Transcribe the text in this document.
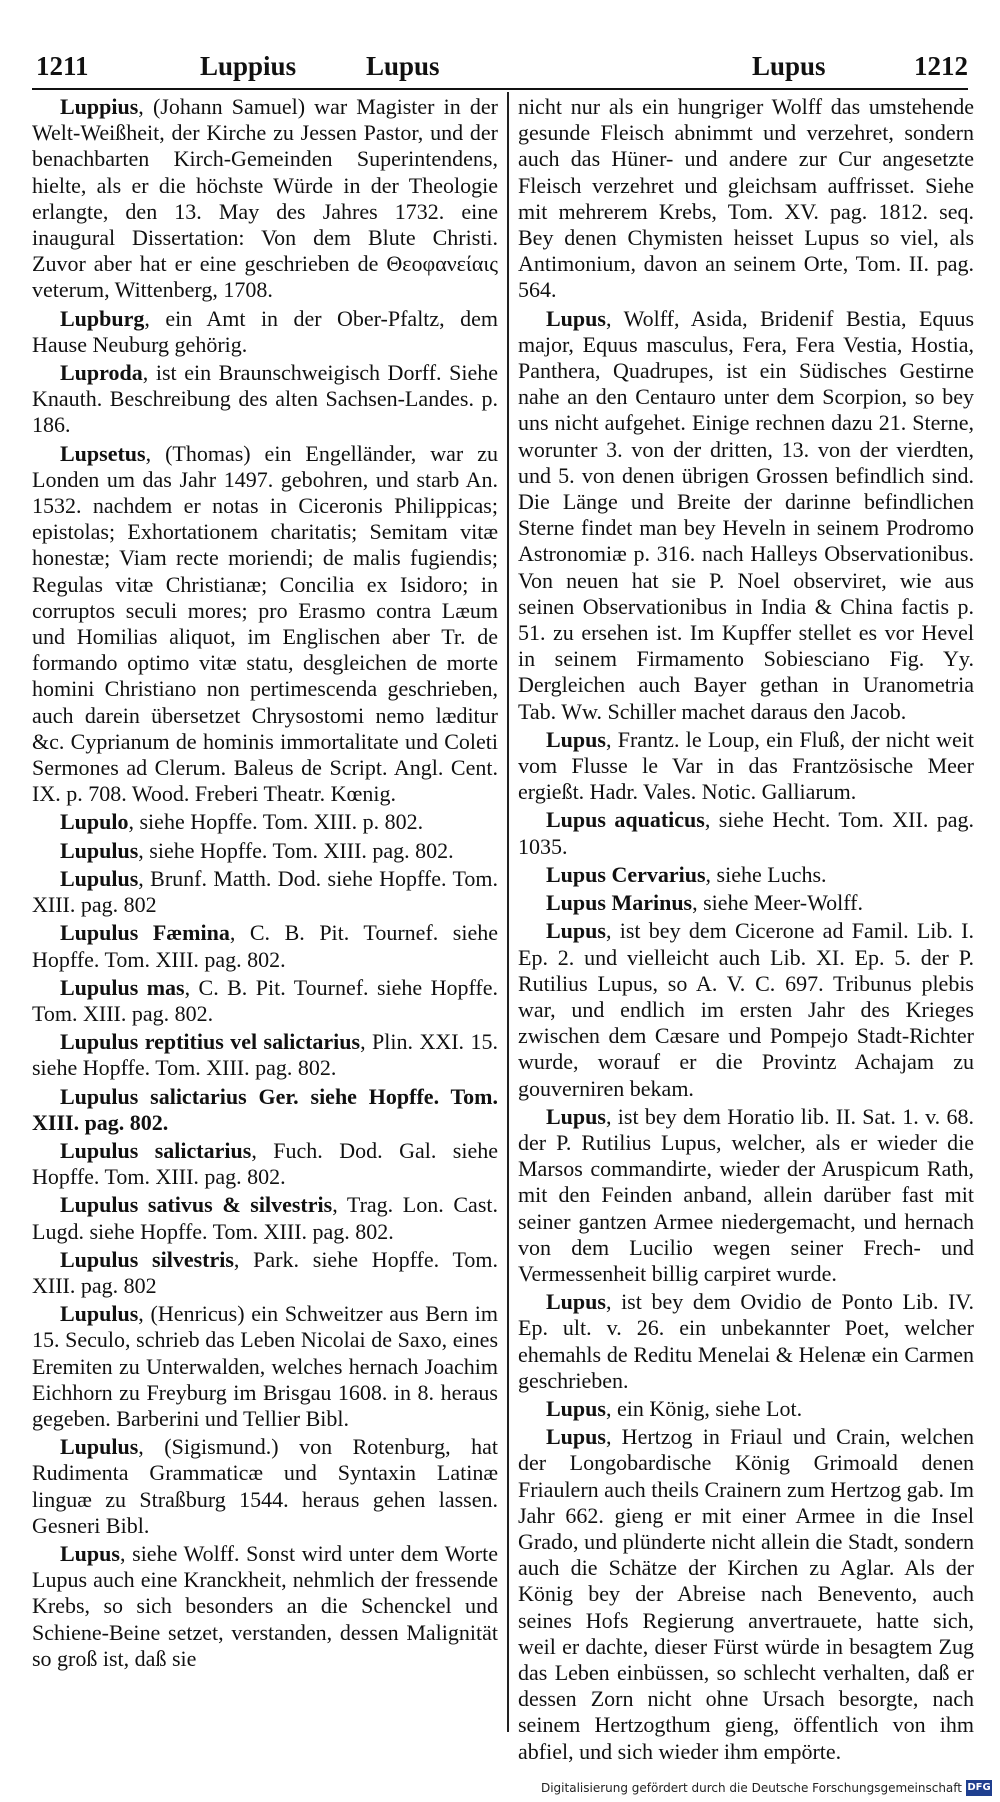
1211	Luppius	Lupus	Lupus	1212

Luppius, (Johann Samuel) war Magister in der Welt-Weißheit, der Kirche zu Jessen Pastor, und der benachbarten Kirch-Gemeinden Superintendens, hielte, als er die höchste Würde in der Theologie erlangte, den 13. May des Jahres 1732. eine inaugural Dissertation: Von dem Blute Christi. Zuvor aber hat er eine geschrieben de Θεοφανείαις veterum, Wittenberg, 1708.

Lupburg, ein Amt in der Ober-Pfaltz, dem Hause Neuburg gehörig.

Luproda, ist ein Braunschweigisch Dorff. Siehe Knauth. Beschreibung des alten Sachsen-Landes. p. 186.

Lupsetus, (Thomas) ein Engelländer, war zu Londen um das Jahr 1497. gebohren, und starb An. 1532. nachdem er notas in Ciceronis Philippicas; epistolas; Exhortationem charitatis; Semitam vitæ honestæ; Viam recte moriendi; de malis fugiendis; Regulas vitæ Christianæ; Concilia ex Isidoro; in corruptos seculi mores; pro Erasmo contra Læum und Homilias aliquot, im Englischen aber Tr. de formando optimo vitæ statu, desgleichen de morte homini Christiano non pertimescenda geschrieben, auch darein übersetzet Chrysostomi nemo læditur &c. Cyprianum de hominis immortalitate und Coleti Sermones ad Clerum. Baleus de Script. Angl. Cent. IX. p. 708. Wood. Freberi Theatr. Kœnig.

Lupulo, siehe Hopffe. Tom. XIII. p. 802.

Lupulus, siehe Hopffe. Tom. XIII. pag. 802.

Lupulus, Brunf. Matth. Dod. siehe Hopffe. Tom. XIII. pag. 802

Lupulus Fæmina, C. B. Pit. Tournef. siehe Hopffe. Tom. XIII. pag. 802.

Lupulus mas, C. B. Pit. Tournef. siehe Hopffe. Tom. XIII. pag. 802.

Lupulus reptitius vel salictarius, Plin. XXI. 15. siehe Hopffe. Tom. XIII. pag. 802.

Lupulus salictarius Ger. siehe Hopffe. Tom. XIII. pag. 802.

Lupulus salictarius, Fuch. Dod. Gal. siehe Hopffe. Tom. XIII. pag. 802.

Lupulus sativus & silvestris, Trag. Lon. Cast. Lugd. siehe Hopffe. Tom. XIII. pag. 802.

Lupulus silvestris, Park. siehe Hopffe. Tom. XIII. pag. 802

Lupulus, (Henricus) ein Schweitzer aus Bern im 15. Seculo, schrieb das Leben Nicolai de Saxo, eines Eremiten zu Unterwalden, welches hernach Joachim Eichhorn zu Freyburg im Brisgau 1608. in 8. heraus gegeben. Barberini und Tellier Bibl.

Lupulus, (Sigismund.) von Rotenburg, hat Rudimenta Grammaticæ und Syntaxin Latinæ linguæ zu Straßburg 1544. heraus gehen lassen. Gesneri Bibl.

Lupus, siehe Wolff. Sonst wird unter dem Worte Lupus auch eine Kranckheit, nehmlich der fressende Krebs, so sich besonders an die Schenckel und Schiene-Beine setzet, verstanden, dessen Malignität so groß ist, daß sie

nicht nur als ein hungriger Wolff das umstehende gesunde Fleisch abnimmt und verzehret, sondern auch das Hüner- und andere zur Cur angesetzte Fleisch verzehret und gleichsam auffrisset. Siehe mit mehrerem Krebs, Tom. XV. pag. 1812. seq. Bey denen Chymisten heisset Lupus so viel, als Antimonium, davon an seinem Orte, Tom. II. pag. 564.

Lupus, Wolff, Asida, Bridenif Bestia, Equus major, Equus masculus, Fera, Fera Vestia, Hostia, Panthera, Quadrupes, ist ein Südisches Gestirne nahe an den Centauro unter dem Scorpion, so bey uns nicht aufgehet. Einige rechnen dazu 21. Sterne, worunter 3. von der dritten, 13. von der vierdten, und 5. von denen übrigen Grossen befindlich sind. Die Länge und Breite der darinne befindlichen Sterne findet man bey Heveln in seinem Prodromo Astronomiæ p. 316. nach Halleys Observationibus. Von neuen hat sie P. Noel observiret, wie aus seinen Observationibus in India & China factis p. 51. zu ersehen ist. Im Kupffer stellet es vor Hevel in seinem Firmamento Sobiesciano Fig. Yy. Dergleichen auch Bayer gethan in Uranometria Tab. Ww. Schiller machet daraus den Jacob.

Lupus, Frantz. le Loup, ein Fluß, der nicht weit vom Flusse le Var in das Frantzösische Meer ergießt. Hadr. Vales. Notic. Galliarum.

Lupus aquaticus, siehe Hecht. Tom. XII. pag. 1035.

Lupus Cervarius, siehe Luchs.

Lupus Marinus, siehe Meer-Wolff.

Lupus, ist bey dem Cicerone ad Famil. Lib. I. Ep. 2. und vielleicht auch Lib. XI. Ep. 5. der P. Rutilius Lupus, so A. V. C. 697. Tribunus plebis war, und endlich im ersten Jahr des Krieges zwischen dem Cæsare und Pompejo Stadt-Richter wurde, worauf er die Provintz Achajam zu gouverniren bekam.

Lupus, ist bey dem Horatio lib. II. Sat. 1. v. 68. der P. Rutilius Lupus, welcher, als er wieder die Marsos commandirte, wieder der Aruspicum Rath, mit den Feinden anband, allein darüber fast mit seiner gantzen Armee niedergemacht, und hernach von dem Lucilio wegen seiner Frech- und Vermessenheit billig carpiret wurde.

Lupus, ist bey dem Ovidio de Ponto Lib. IV. Ep. ult. v. 26. ein unbekannter Poet, welcher ehemahls de Reditu Menelai & Helenæ ein Carmen geschrieben.

Lupus, ein König, siehe Lot.

Lupus, Hertzog in Friaul und Crain, welchen der Longobardische König Grimoald denen Friaulern auch theils Crainern zum Hertzog gab. Im Jahr 662. gieng er mit einer Armee in die Insel Grado, und plünderte nicht allein die Stadt, sondern auch die Schätze der Kirchen zu Aglar. Als der König bey der Abreise nach Benevento, auch seines Hofs Regierung anvertrauete, hatte sich, weil er dachte, dieser Fürst würde in besagtem Zug das Leben einbüssen, so schlecht verhalten, daß er dessen Zorn nicht ohne Ursach besorgte, nach seinem Hertzogthum gieng, öffentlich von ihm abfiel, und sich wieder ihm empörte.

Digitalisierung gefördert durch die Deutsche Forschungsgemeinschaft DFG
